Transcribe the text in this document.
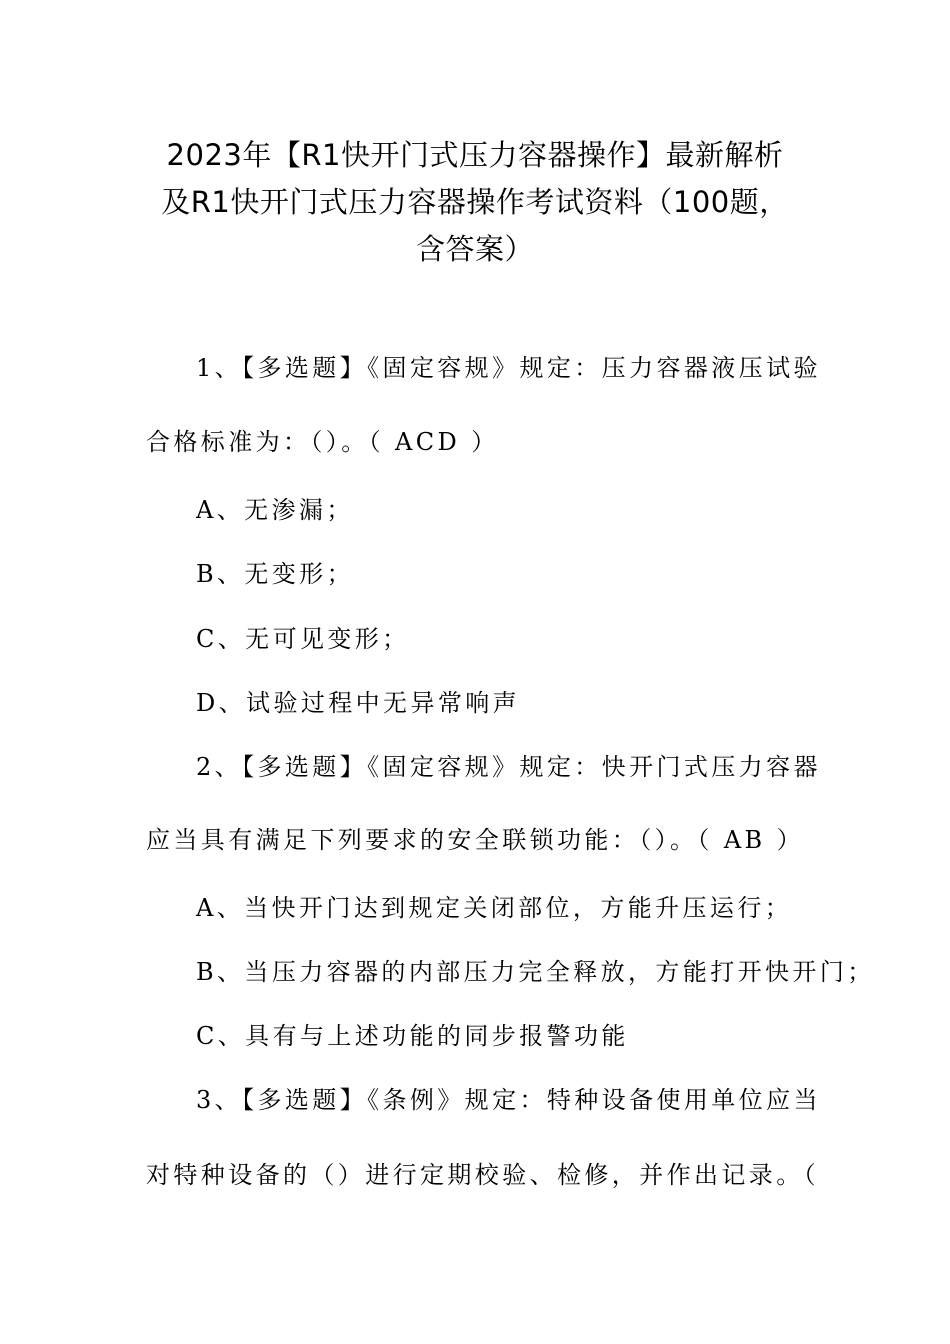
2023年【R1快开门式压力容器操作】最新解析
及R1快开门式压力容器操作考试资料（100题，
含答案）
1、【多选题】《固定容规》规定：压力容器液压试验
合格标准为：（）。（ ACD ）
A、无渗漏；
B、无变形；
C、无可见变形；
D、试验过程中无异常响声
2、【多选题】《固定容规》规定：快开门式压力容器
应当具有满足下列要求的安全联锁功能：（）。（ AB ）
A、当快开门达到规定关闭部位，方能升压运行；
B、当压力容器的内部压力完全释放，方能打开快开门；
C、具有与上述功能的同步报警功能
3、【多选题】《条例》规定：特种设备使用单位应当
对特种设备的（）进行定期校验、检修，并作出记录。（
